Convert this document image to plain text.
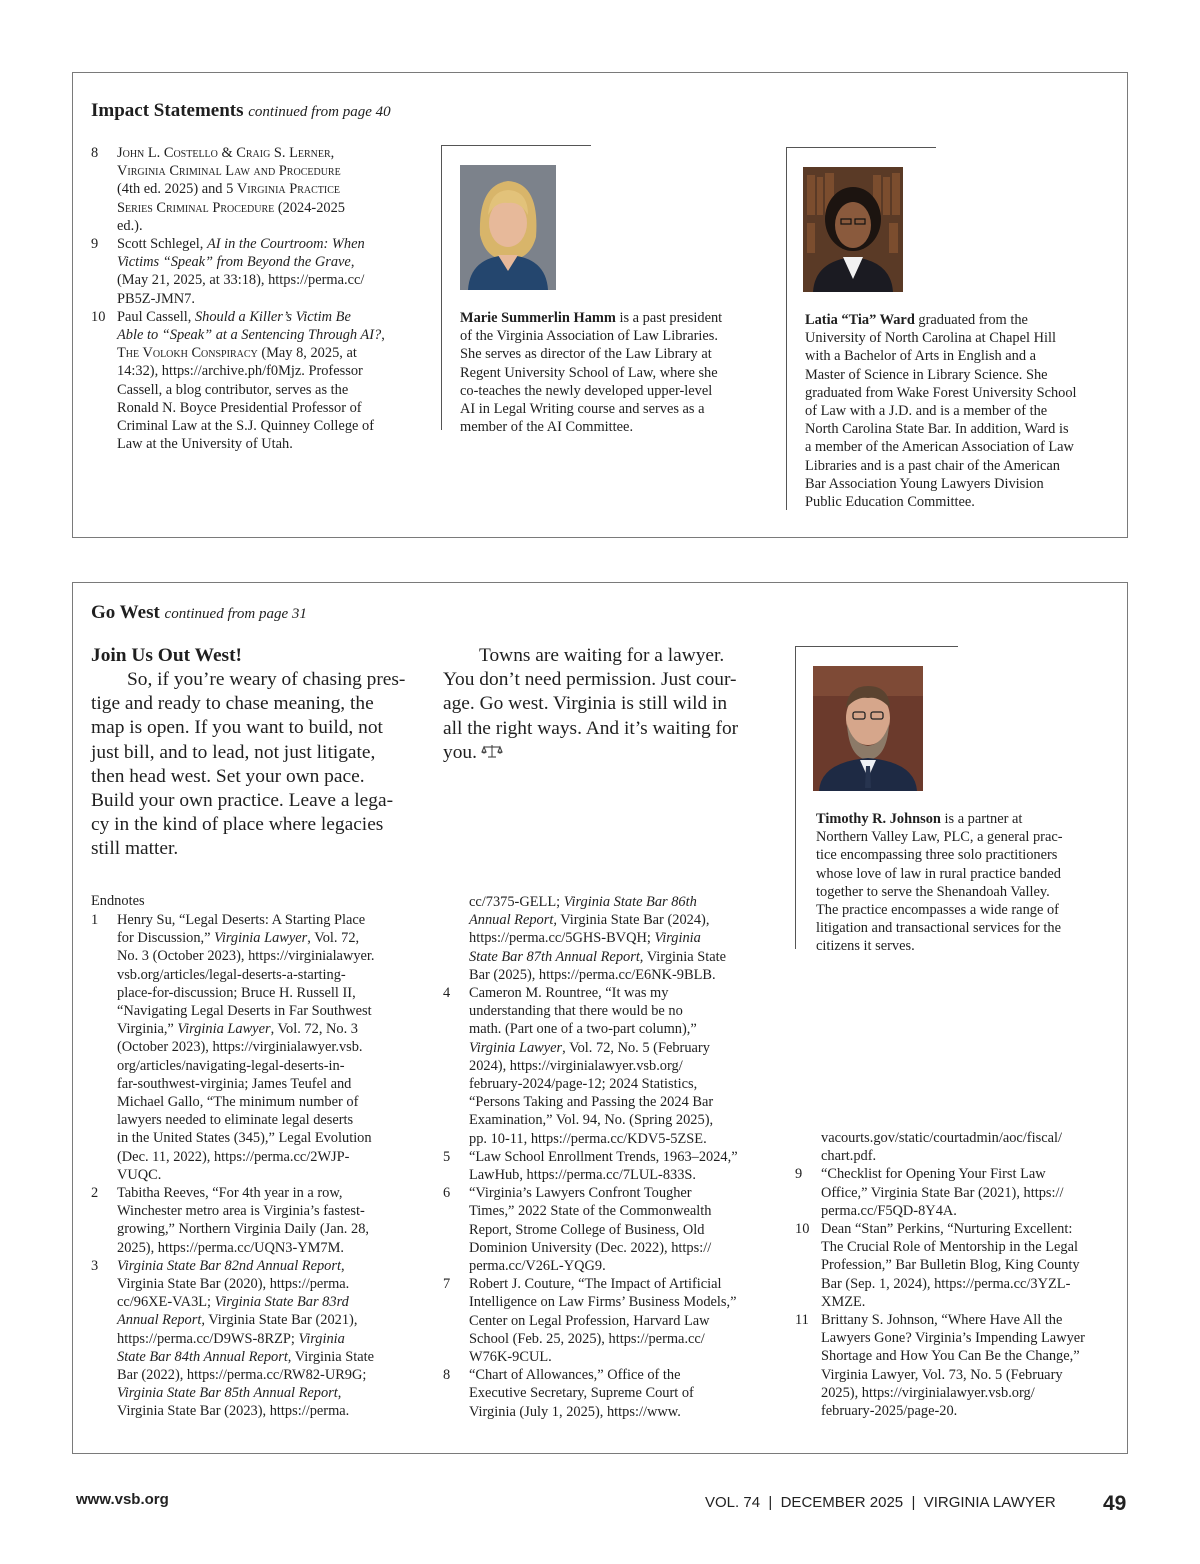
Impact Statements continued from page 40
8 John L. Costello & Craig S. Lerner,
Virginia Criminal Law and Procedure
(4th ed. 2025) and 5 Virginia Practice
Series Criminal Procedure (2024-2025
ed.).
9 Scott Schlegel, AI in the Courtroom: When
Victims “Speak” from Beyond the Grave,
(May 21, 2025, at 33:18), https://perma.cc/
PB5Z-JMN7.
10 Paul Cassell, Should a Killer’s Victim Be
Able to “Speak” at a Sentencing Through AI?,
The Volokh Conspiracy (May 8, 2025, at
14:32), https://archive.ph/f0Mjz. Professor
Cassell, a blog contributor, serves as the
Ronald N. Boyce Presidential Professor of
Criminal Law at the S.J. Quinney College of
Law at the University of Utah.
Marie Summerlin Hamm is a past president
of the Virginia Association of Law Libraries.
She serves as director of the Law Library at
Regent University School of Law, where she
co-teaches the newly developed upper-level
AI in Legal Writing course and serves as a
member of the AI Committee.
Latia “Tia” Ward graduated from the
University of North Carolina at Chapel Hill
with a Bachelor of Arts in English and a
Master of Science in Library Science. She
graduated from Wake Forest University School
of Law with a J.D. and is a member of the
North Carolina State Bar. In addition, Ward is
a member of the American Association of Law
Libraries and is a past chair of the American
Bar Association Young Lawyers Division
Public Education Committee.
Go West continued from page 31
Join Us Out West!
So, if you’re weary of chasing pres-
tige and ready to chase meaning, the
map is open. If you want to build, not
just bill, and to lead, not just litigate,
then head west. Set your own pace.
Build your own practice. Leave a lega-
cy in the kind of place where legacies
still matter.
Towns are waiting for a lawyer.
You don’t need permission. Just cour-
age. Go west. Virginia is still wild in
all the right ways. And it’s waiting for
you.
Timothy R. Johnson is a partner at
Northern Valley Law, PLC, a general prac-
tice encompassing three solo practitioners
whose love of law in rural practice banded
together to serve the Shenandoah Valley.
The practice encompasses a wide range of
litigation and transactional services for the
citizens it serves.
Endnotes
1 Henry Su, “Legal Deserts: A Starting Place
for Discussion,” Virginia Lawyer, Vol. 72,
No. 3 (October 2023), https://virginialawyer.
vsb.org/articles/legal-deserts-a-starting-
place-for-discussion; Bruce H. Russell II,
“Navigating Legal Deserts in Far Southwest
Virginia,” Virginia Lawyer, Vol. 72, No. 3
(October 2023), https://virginialawyer.vsb.
org/articles/navigating-legal-deserts-in-
far-southwest-virginia; James Teufel and
Michael Gallo, “The minimum number of
lawyers needed to eliminate legal deserts
in the United States (345),” Legal Evolution
(Dec. 11, 2022), https://perma.cc/2WJP-
VUQC.
2 Tabitha Reeves, “For 4th year in a row,
Winchester metro area is Virginia’s fastest-
growing,” Northern Virginia Daily (Jan. 28,
2025), https://perma.cc/UQN3-YM7M.
3 Virginia State Bar 82nd Annual Report,
Virginia State Bar (2020), https://perma.
cc/96XE-VA3L; Virginia State Bar 83rd
Annual Report, Virginia State Bar (2021),
https://perma.cc/D9WS-8RZP; Virginia
State Bar 84th Annual Report, Virginia State
Bar (2022), https://perma.cc/RW82-UR9G;
Virginia State Bar 85th Annual Report,
Virginia State Bar (2023), https://perma.
cc/7375-GELL; Virginia State Bar 86th
Annual Report, Virginia State Bar (2024),
https://perma.cc/5GHS-BVQH; Virginia
State Bar 87th Annual Report, Virginia State
Bar (2025), https://perma.cc/E6NK-9BLB.
4 Cameron M. Rountree, “It was my
understanding that there would be no
math. (Part one of a two-part column),”
Virginia Lawyer, Vol. 72, No. 5 (February
2024), https://virginialawyer.vsb.org/
february-2024/page-12; 2024 Statistics,
“Persons Taking and Passing the 2024 Bar
Examination,” Vol. 94, No. (Spring 2025),
pp. 10-11, https://perma.cc/KDV5-5ZSE.
5 “Law School Enrollment Trends, 1963–2024,”
LawHub, https://perma.cc/7LUL-833S.
6 “Virginia’s Lawyers Confront Tougher
Times,” 2022 State of the Commonwealth
Report, Strome College of Business, Old
Dominion University (Dec. 2022), https://
perma.cc/V26L-YQG9.
7 Robert J. Couture, “The Impact of Artificial
Intelligence on Law Firms’ Business Models,”
Center on Legal Profession, Harvard Law
School (Feb. 25, 2025), https://perma.cc/
W76K-9CUL.
8 “Chart of Allowances,” Office of the
Executive Secretary, Supreme Court of
Virginia (July 1, 2025), https://www.
vacourts.gov/static/courtadmin/aoc/fiscal/
chart.pdf.
9 “Checklist for Opening Your First Law
Office,” Virginia State Bar (2021), https://
perma.cc/F5QD-8Y4A.
10 Dean “Stan” Perkins, “Nurturing Excellent:
The Crucial Role of Mentorship in the Legal
Profession,” Bar Bulletin Blog, King County
Bar (Sep. 1, 2024), https://perma.cc/3YZL-
XMZE.
11 Brittany S. Johnson, “Where Have All the
Lawyers Gone? Virginia’s Impending Lawyer
Shortage and How You Can Be the Change,”
Virginia Lawyer, Vol. 73, No. 5 (February
2025), https://virginialawyer.vsb.org/
february-2025/page-20.
www.vsb.org	VOL. 74  |  DECEMBER 2025  |  VIRGINIA LAWYER 49
